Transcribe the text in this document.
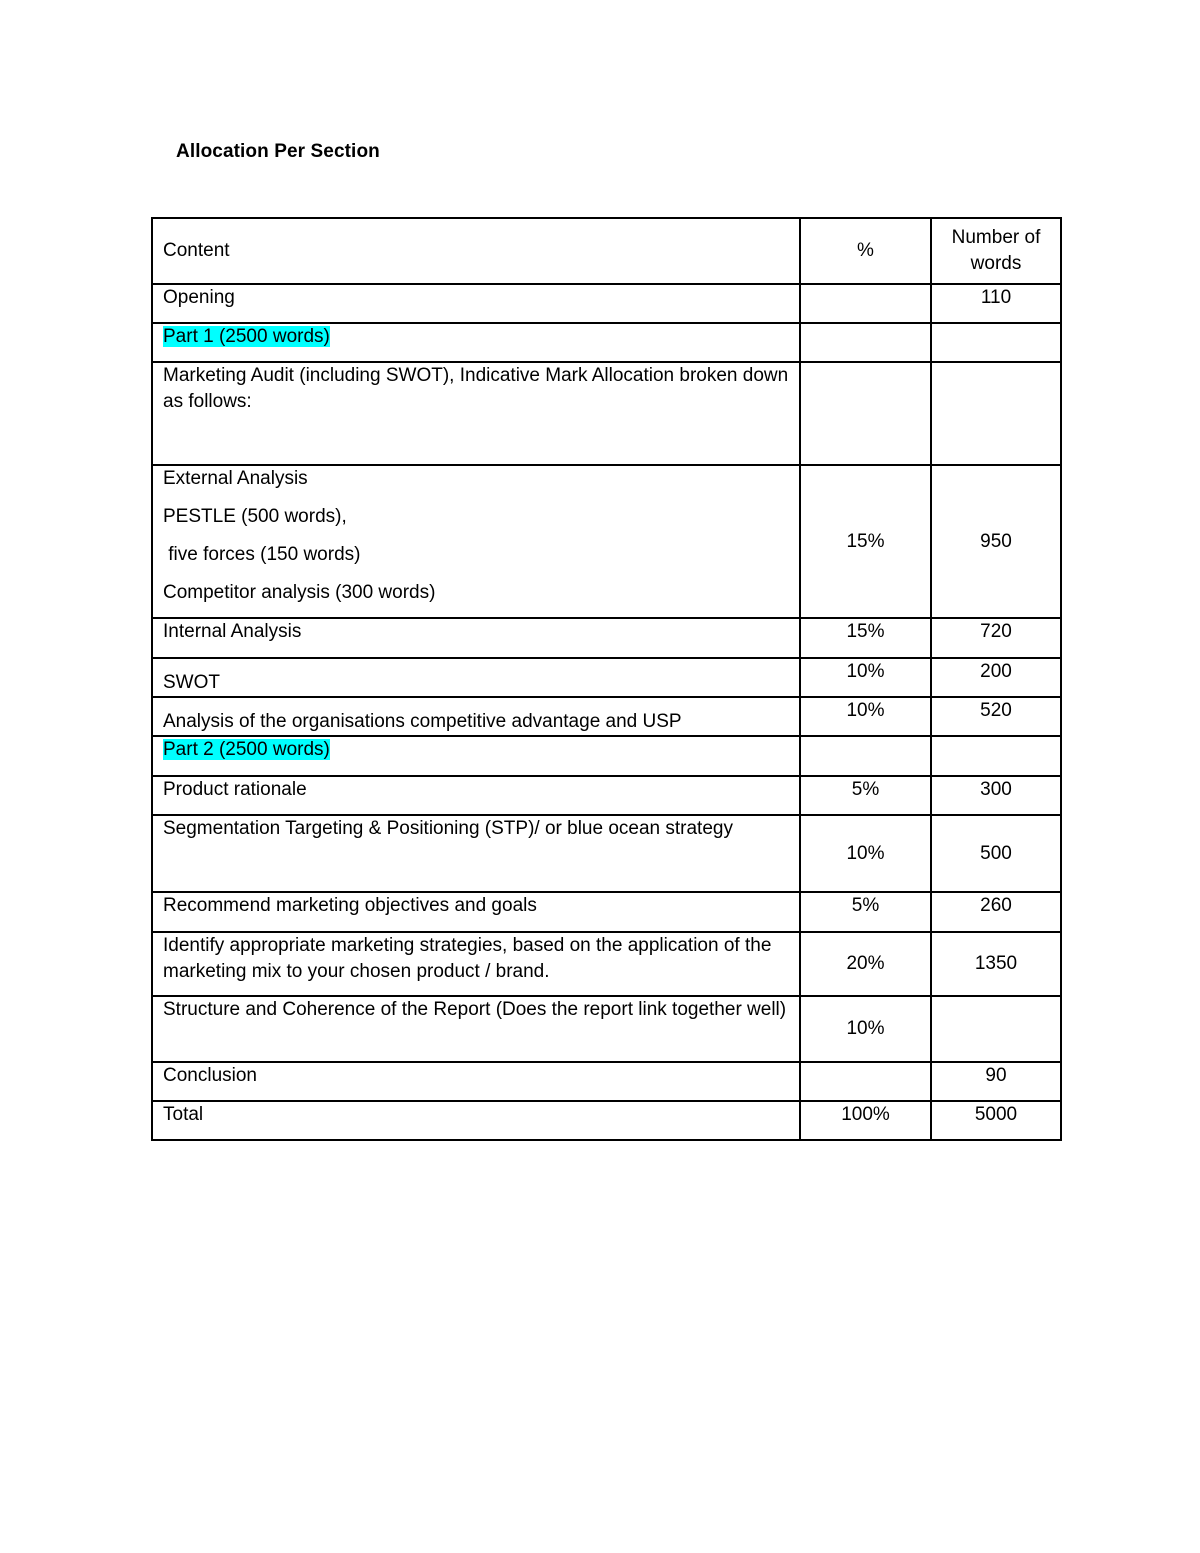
Allocation Per Section
Content	%	Number of words
Opening		110
Part 1 (2500 words)		
Marketing Audit (including SWOT), Indicative Mark Allocation broken down as follows:		

External Analysis

PESTLE (500 words),

five forces (150 words)

Competitor analysis (300 words)	15%	950
Internal Analysis	15%	720
SWOT	10%	200
Analysis of the organisations competitive advantage and USP	10%	520
Part 2 (2500 words)		
Product rationale	5%	300
Segmentation Targeting & Positioning (STP)/ or blue ocean strategy	10%	500
Recommend marketing objectives and goals	5%	260
Identify appropriate marketing strategies, based on the application of the marketing mix to your chosen product / brand.	20%	1350
Structure and Coherence of the Report (Does the report link together well)	10%	
Conclusion		90
Total	100%	5000
